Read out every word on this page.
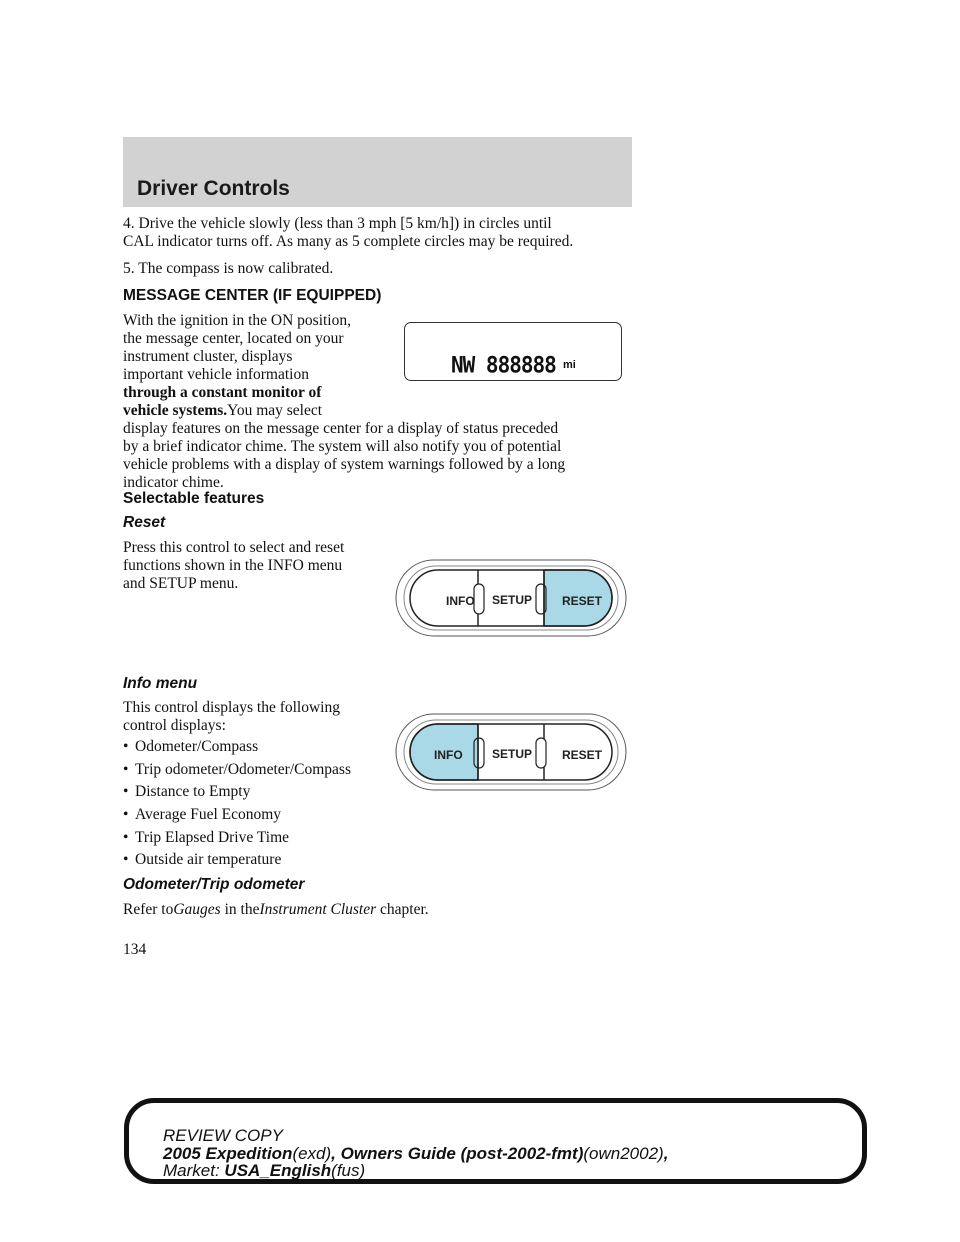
Driver Controls
4. Drive the vehicle slowly (less than 3 mph [5 km/h]) in circles until
CAL indicator turns off. As many as 5 complete circles may be required.
5. The compass is now calibrated.
MESSAGE CENTER (IF EQUIPPED)
With the ignition in the ON position,
the message center, located on your
instrument cluster, displays
important vehicle information
through a constant monitor of
vehicle systems.You may select
display features on the message center for a display of status preceded
by a brief indicator chime. The system will also notify you of potential
vehicle problems with a display of system warnings followed by a long
indicator chime.
NW 888888 mi
Selectable features
Reset
Press this control to select and reset
functions shown in the INFO menu
and SETUP menu.
INFO SETUP RESET
Info menu
This control displays the following
control displays:
• Odometer/Compass
• Trip odometer/Odometer/Compass
• Distance to Empty
• Average Fuel Economy
• Trip Elapsed Drive Time
• Outside air temperature
INFO SETUP RESET
Odometer/Trip odometer
Refer toGauges in theInstrument Cluster chapter.
134
REVIEW COPY
2005 Expedition(exd), Owners Guide (post-2002-fmt)(own2002),
Market: USA_English(fus)
